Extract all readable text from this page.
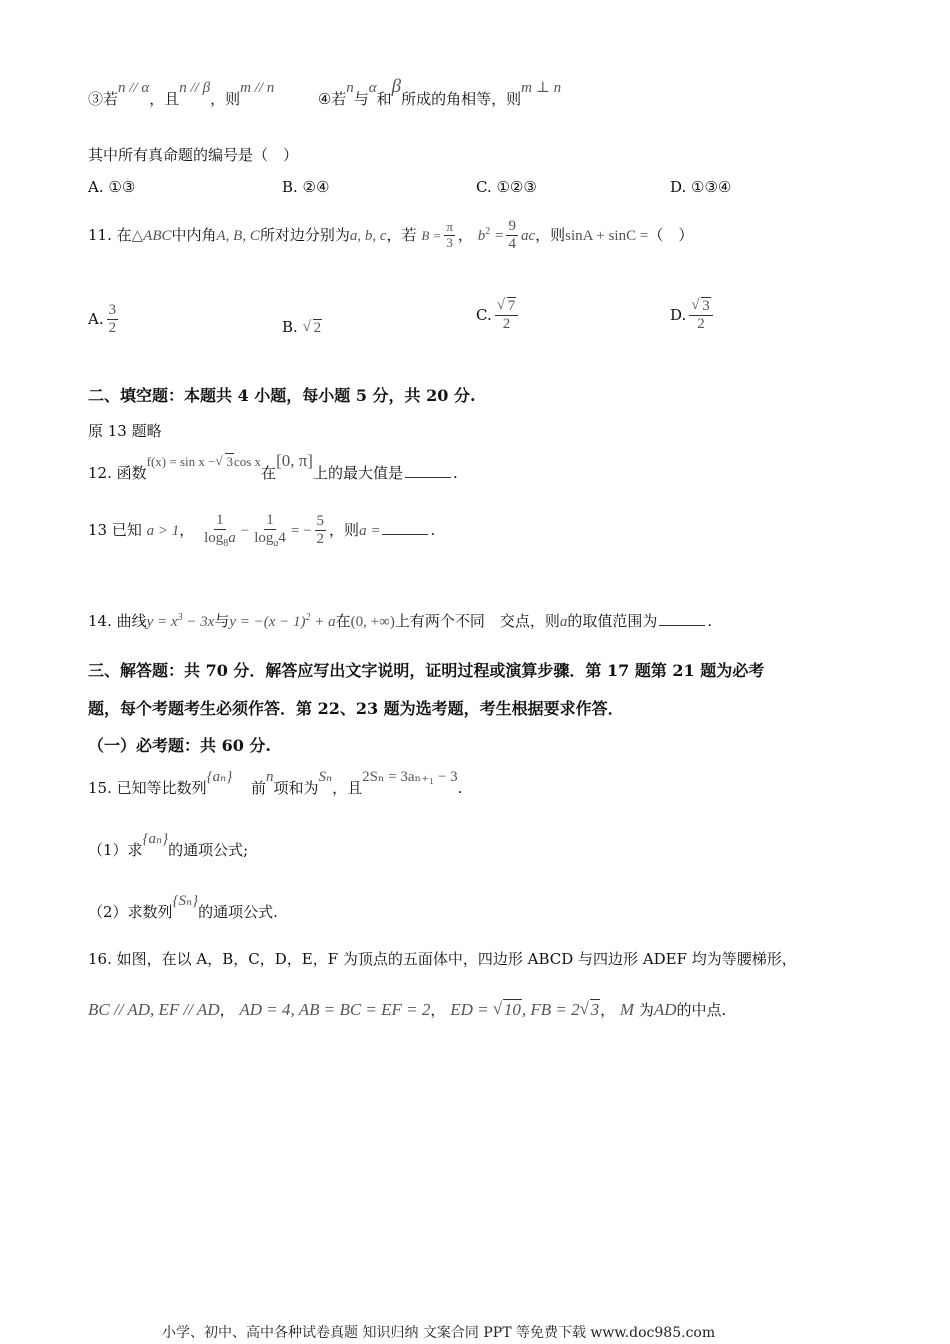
③若n // α，且n // β，则m // n  ④若n与α和β所成的角相等，则m ⊥ n
其中所有真命题的编号是（　）
A. ①③	B. ②④	C. ①②③	D. ①③④
11. 在△ABC中内角A, B, C所对边分别为a, b, c，若 $B = \frac{\pi}{3}$ ， $b^2 = \frac{9}{4}$ ac，则sinA + sinC =（　）
A. $\frac{3}{2}$	B. √ 2
C. √ $\frac{7}{2}$	D. √ $\frac{3}{2}$
二、填空题：本题共 4 小题，每小题 5 分，共 20 分.
原 13 题略
12. 函数f(x) = sin x − √ 3cos x在[0, π]上的最大值是	.
13 已知 a > 1， $\frac{1}{\log_8a} - \frac{1}{\log_a4}$ = − $\frac{5}{2}$ ，则a =	.
14. 曲线$y = x^3 - 3x$与$y = -(x - 1)^2 + a$在(0, +∞)上有两个不同　交点，则a的取值范围为	.
三、解答题：共 70 分．解答应写出文字说明，证明过程或演算步骤．第 17 题第 21 题为必考
题，每个考题考生必须作答．第 22、23 题为选考题，考生根据要求作答．
（一）必考题：共 60 分.
15. 已知等比数列{aₙ} 前n项和为Sₙ，且2Sₙ = 3aₙ₊₁ − 3.
（1）求{aₙ}的通项公式;
（2）求数列{Sₙ}的通项公式.
16. 如图，在以 A，B，C，D，E，F 为顶点的五面体中，四边形 ABCD 与四边形 ADEF 均为等腰梯形，
BC // AD, EF // AD， AD = 4, AB = BC = EF = 2， ED = √ 10, FB = 2 √ 3， M 为AD的中点.
小学、初中、高中各种试卷真题 知识归纳 文案合同 PPT 等免费下载 www.doc985.com
